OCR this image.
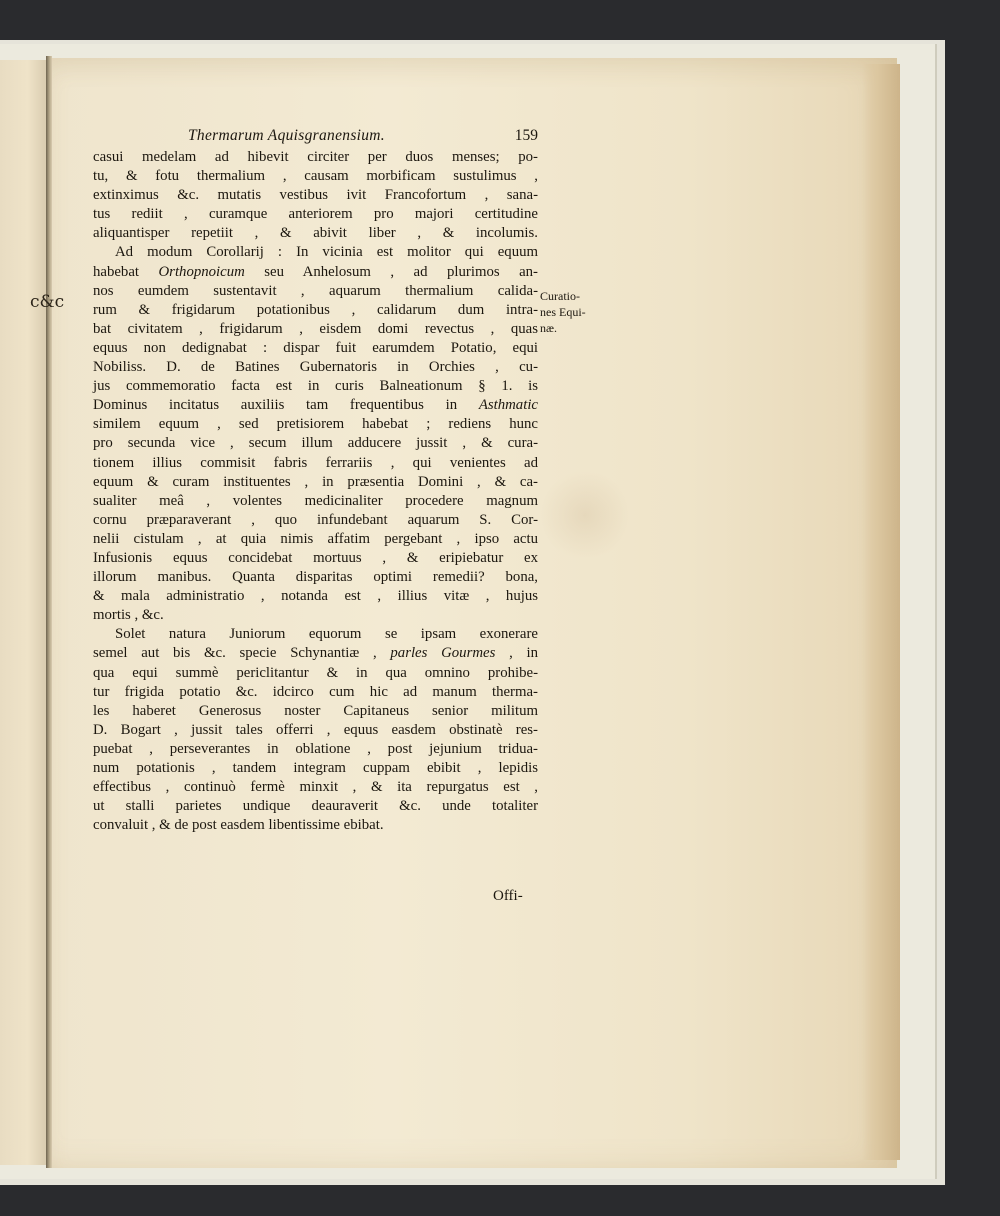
c&c
Thermarum Aquisgranensium.	159
casui medelam ad hibevit circiter per duos menses; po-
tu, & fotu thermalium , causam morbificam sustulimus ,
extinximus &c. mutatis vestibus ivit Francofortum , sana-
tus rediit , curamque anteriorem pro majori certitudine
aliquantisper repetiit , & abivit liber , & incolumis.
Ad modum Corollarij : In vicinia est molitor qui equum
habebat Orthopnoicum seu Anhelosum , ad plurimos an-
nos eumdem sustentavit , aquarum thermalium calida-
rum & frigidarum potationibus , calidarum dum intra-
bat civitatem , frigidarum , eisdem domi revectus , quas
equus non dedignabat : dispar fuit earumdem Potatio, equi
Nobiliss. D. de Batines Gubernatoris in Orchies , cu-
jus commemoratio facta est in curis Balneationum § 1. is
Dominus incitatus auxiliis tam frequentibus in Asthmatic
similem equum , sed pretisiorem habebat ; rediens hunc
pro secunda vice , secum illum adducere jussit , & cura-
tionem illius commisit fabris ferrariis , qui venientes ad
equum & curam instituentes , in præsentia Domini , & ca-
sualiter meâ , volentes medicinaliter procedere magnum
cornu præparaverant , quo infundebant aquarum S. Cor-
nelii cistulam , at quia nimis affatim pergebant , ipso actu
Infusionis equus concidebat mortuus , & eripiebatur ex
illorum manibus. Quanta disparitas optimi remedii? bona,
& mala administratio , notanda est , illius vitæ , hujus
mortis , &c.
Solet natura Juniorum equorum se ipsam exonerare
semel aut bis &c. specie Schynantiæ , parles Gourmes , in
qua equi summè periclitantur & in qua omnino prohibe-
tur frigida potatio &c. idcirco cum hic ad manum therma-
les haberet Generosus noster Capitaneus senior militum
D. Bogart , jussit tales offerri , equus easdem obstinatè res-
puebat , perseverantes in oblatione , post jejunium tridua-
num potationis , tandem integram cuppam ebibit , lepidis
effectibus , continuò fermè minxit , & ita repurgatus est ,
ut stalli parietes undique deauraverit &c. unde totaliter
convaluit , & de post easdem libentissime ebibat.
Curatio-
nes Equi-
næ.
Offi-
